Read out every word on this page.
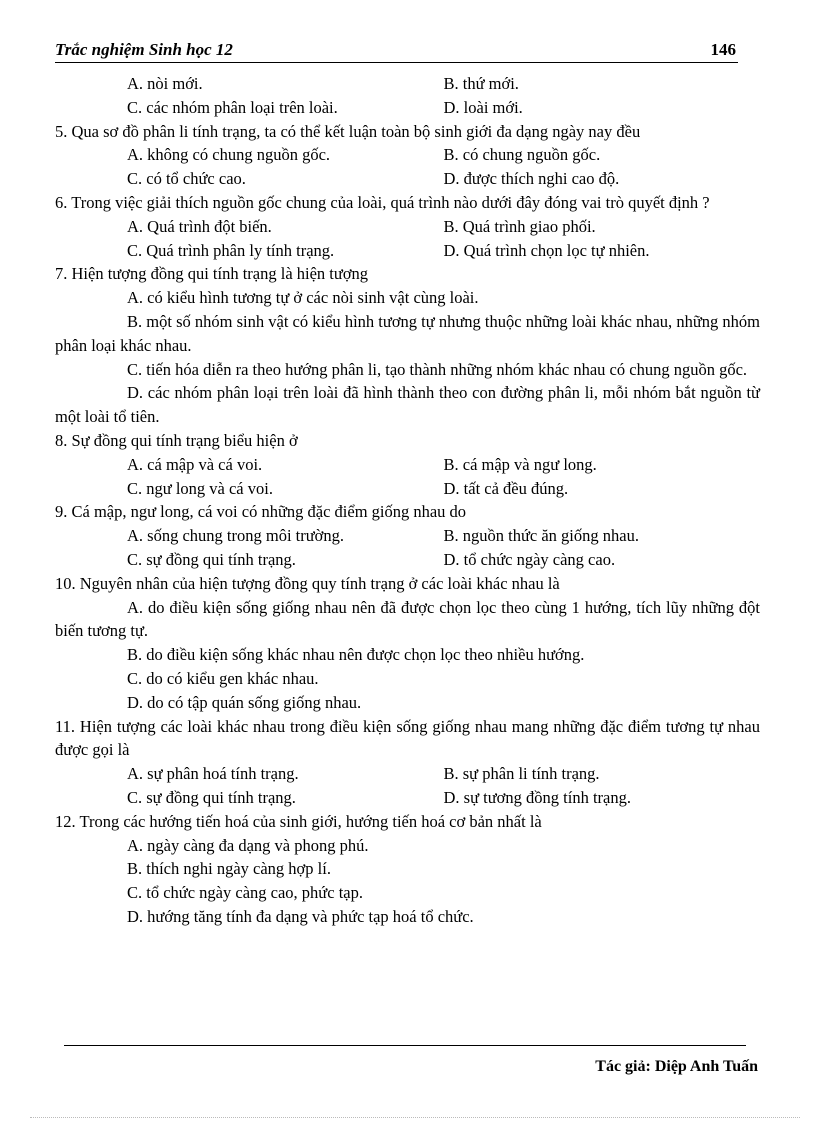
Trắc nghiệm Sinh học 12	146
A. nòi mới.	B. thứ mới.
C. các nhóm phân loại trên loài.	D. loài mới.
5. Qua sơ đồ phân li tính trạng, ta có thể kết luận toàn bộ sinh giới đa dạng ngày nay đều
A. không có chung nguồn gốc.	B. có chung nguồn gốc.
C. có tổ chức cao.	D. được thích nghi cao độ.
6. Trong việc giải thích nguồn gốc chung của loài, quá trình nào dưới đây đóng vai trò quyết định ?
A. Quá trình đột biến.	B. Quá trình giao phối.
C. Quá trình phân ly tính trạng.	D. Quá trình chọn lọc tự nhiên.
7. Hiện tượng đồng qui tính trạng là hiện tượng
A. có kiểu hình tương tự ở các nòi sinh vật cùng loài.
B. một số nhóm sinh vật có kiểu hình tương tự nhưng thuộc những loài khác nhau, những nhóm phân loại khác nhau.
C. tiến hóa diễn ra theo hướng phân li, tạo thành những nhóm khác nhau có chung nguồn gốc.
D. các nhóm phân loại trên loài đã hình thành theo con đường phân li, mỗi nhóm bắt nguồn từ một loài tổ tiên.
8. Sự đồng qui tính trạng biểu hiện ở
A. cá mập và cá voi.	B. cá mập và ngư long.
C. ngư long và cá voi.	D. tất cả đều đúng.
9. Cá mập, ngư long, cá voi có những đặc điểm giống nhau do
A. sống chung trong môi trường.	B. nguồn thức ăn giống nhau.
C. sự đồng qui tính trạng.	D. tổ chức ngày càng cao.
10. Nguyên nhân của hiện tượng đồng quy tính trạng ở các loài khác nhau là
A. do điều kiện sống giống nhau nên đã được chọn lọc theo cùng 1 hướng, tích lũy những đột biến tương tự.
B. do điều kiện sống khác nhau nên được chọn lọc theo nhiều hướng.
C. do có kiểu gen khác nhau.
D. do có tập quán sống giống nhau.
11. Hiện tượng các loài khác nhau trong điều kiện sống giống nhau mang những đặc điểm tương tự nhau được gọi là
A. sự phân hoá tính trạng.	B. sự phân li tính trạng.
C. sự đồng qui tính trạng.	D. sự tương đồng tính trạng.
12. Trong các hướng tiến hoá của sinh giới, hướng tiến hoá cơ bản nhất là
A. ngày càng đa dạng và phong phú.
B. thích nghi ngày càng hợp lí.
C. tổ chức ngày càng cao, phức tạp.
D. hướng tăng tính đa dạng và phức tạp hoá tổ chức.
Tác giả: Diệp Anh Tuấn
